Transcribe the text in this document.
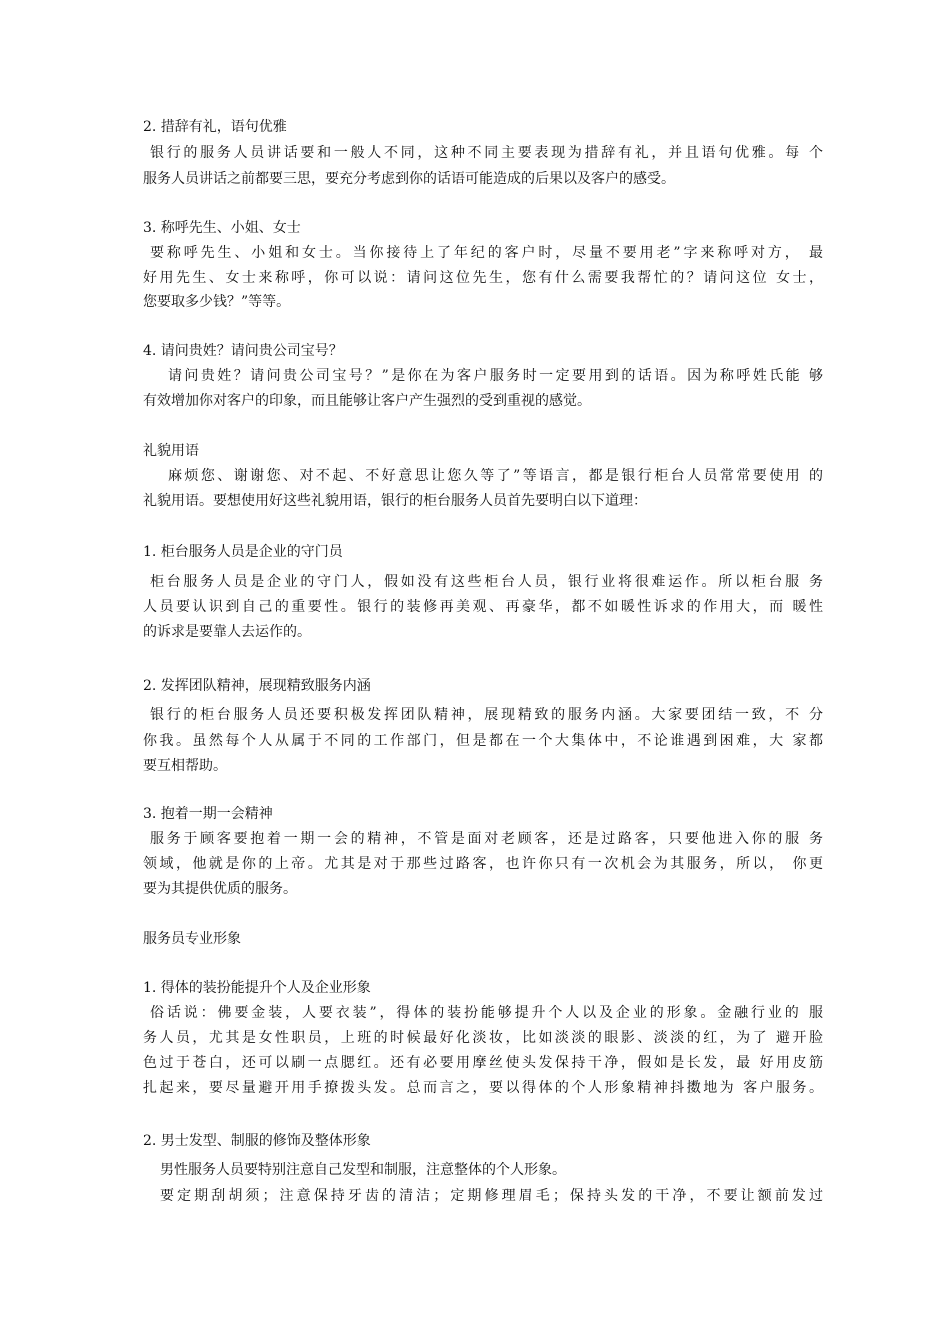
2. 措辞有礼，语句优雅
银行的服务人员讲话要和一般人不同，这种不同主要表现为措辞有礼，并且语句优雅。每 个
服务人员讲话之前都要三思，要充分考虑到你的话语可能造成的后果以及客户的感受。
3. 称呼先生、小姐、女士
要称呼先生、小姐和女士。当你接待上了年纪的客户时，尽量不要用老”字来称呼对方， 最
好用先生、女士来称呼，你可以说：请问这位先生，您有什么需要我帮忙的？请问这位 女士，
您要取多少钱？”等等。
4. 请问贵姓？请问贵公司宝号？
请问贵姓？请问贵公司宝号？”是你在为客户服务时一定要用到的话语。因为称呼姓氏能 够
有效增加你对客户的印象，而且能够让客户产生强烈的受到重视的感觉。
礼貌用语
麻烦您、谢谢您、对不起、不好意思让您久等了”等语言，都是银行柜台人员常常要使用 的
礼貌用语。要想使用好这些礼貌用语，银行的柜台服务人员首先要明白以下道理：
1. 柜台服务人员是企业的守门员
柜台服务人员是企业的守门人，假如没有这些柜台人员，银行业将很难运作。所以柜台服 务
人员要认识到自己的重要性。银行的装修再美观、再豪华，都不如暖性诉求的作用大，而 暖性
的诉求是要靠人去运作的。
2. 发挥团队精神，展现精致服务内涵
银行的柜台服务人员还要积极发挥团队精神，展现精致的服务内涵。大家要团结一致，不 分
你我。虽然每个人从属于不同的工作部门，但是都在一个大集体中，不论谁遇到困难，大 家都
要互相帮助。
3. 抱着一期一会精神
服务于顾客要抱着一期一会的精神，不管是面对老顾客，还是过路客，只要他进入你的服 务
领域，他就是你的上帝。尤其是对于那些过路客，也许你只有一次机会为其服务，所以， 你更
要为其提供优质的服务。
服务员专业形象
1. 得体的装扮能提升个人及企业形象
俗话说：佛要金装，人要衣装”，得体的装扮能够提升个人以及企业的形象。金融行业的 服
务人员，尤其是女性职员，上班的时候最好化淡妆，比如淡淡的眼影、淡淡的红，为了 避开脸
色过于苍白，还可以刷一点腮红。还有必要用摩丝使头发保持干净，假如是长发，最 好用皮筋
扎起来，要尽量避开用手撩拨头发。总而言之，要以得体的个人形象精神抖擞地为 客户服务。
2. 男士发型、制服的修饰及整体形象
男性服务人员要特别注意自己发型和制服，注意整体的个人形象。
要定期刮胡须；注意保持牙齿的清洁；定期修理眉毛；保持头发的干净，不要让额前发过
